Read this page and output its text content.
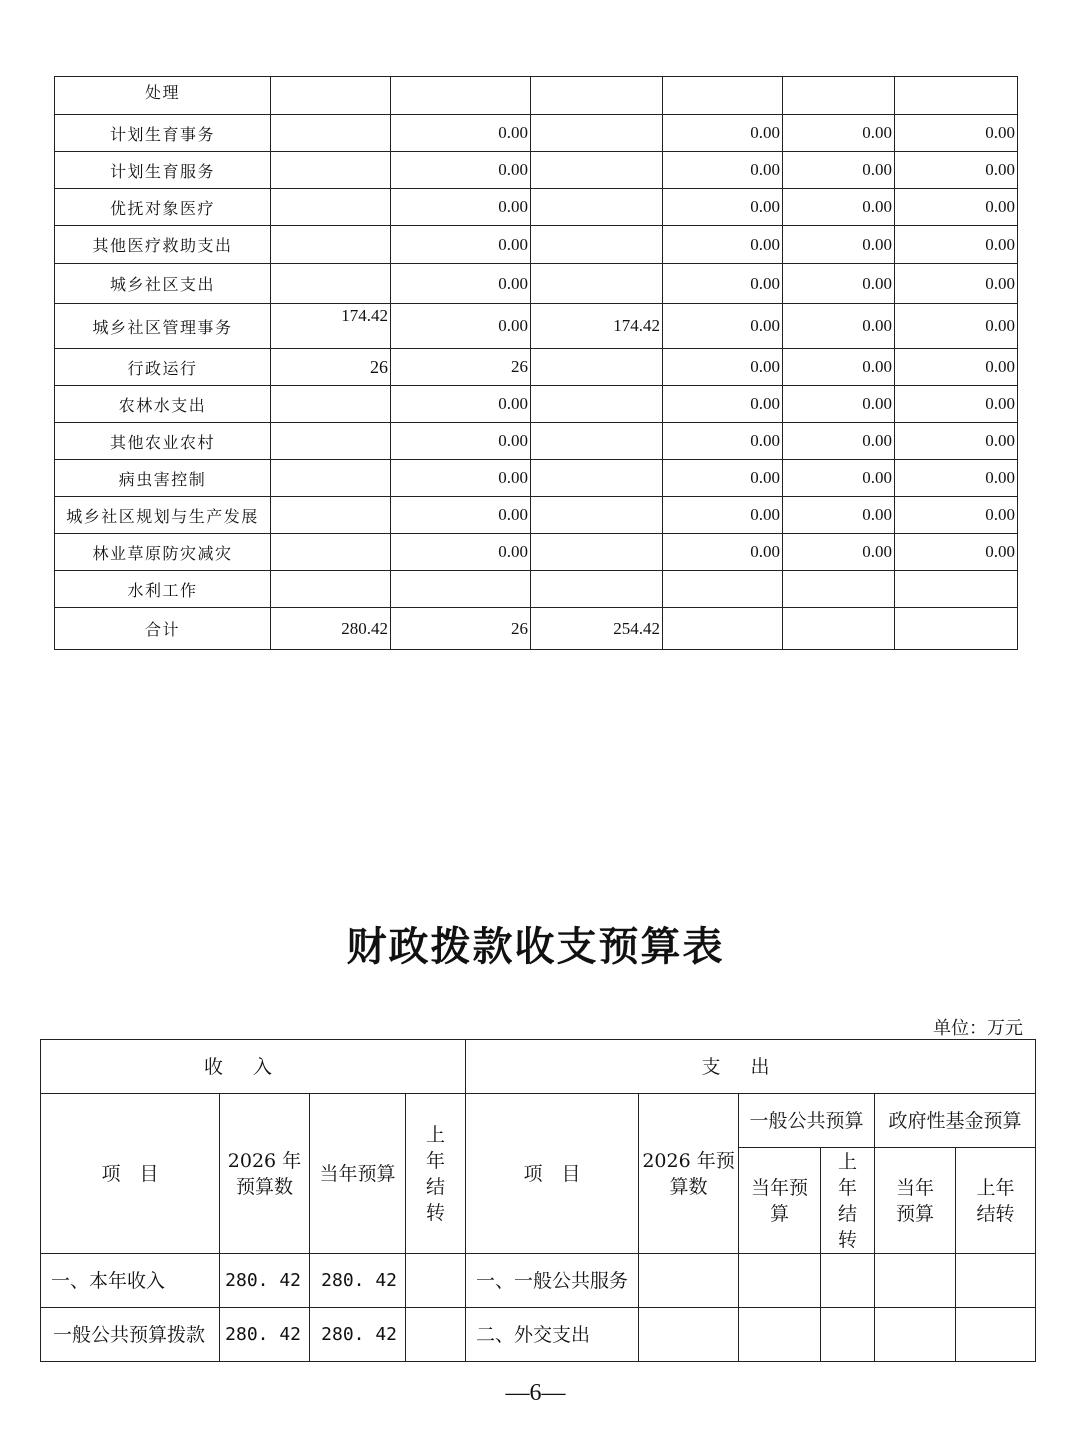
处理						
计划生育事务		0.00		0.00	0.00	0.00
计划生育服务		0.00		0.00	0.00	0.00
优抚对象医疗		0.00		0.00	0.00	0.00
其他医疗救助支出		0.00		0.00	0.00	0.00
城乡社区支出		0.00		0.00	0.00	0.00
城乡社区管理事务	174.42	0.00	174.42	0.00	0.00	0.00
行政运行	26	26		0.00	0.00	0.00
农林水支出		0.00		0.00	0.00	0.00
其他农业农村		0.00		0.00	0.00	0.00
病虫害控制		0.00		0.00	0.00	0.00
城乡社区规划与生产发展		0.00		0.00	0.00	0.00
林业草原防灾减灾		0.00		0.00	0.00	0.00
水利工作						
合计	280.42	26	254.42			
财政拨款收支预算表
单位：万元
收入				支出					
项　目	2026 年预算数	当年预算	上年结转	项　目	2026 年预算数	一般公共预算		政府性基金预算	
						当年预算	上年结转	当年预算	上年结转
一、本年收入	280. 42	280. 42		一、一般公共服务					
一般公共预算拨款	280. 42	280. 42		二、外交支出					
—6—
